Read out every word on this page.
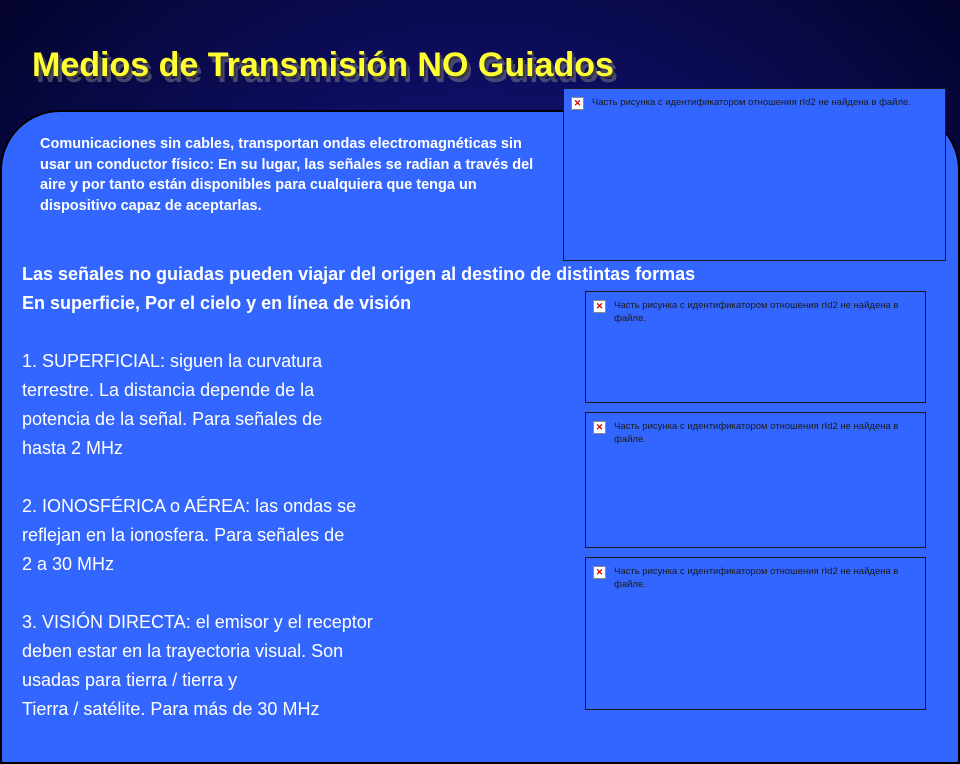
Medios de Transmisión NO Guiados

Comunicaciones sin cables, transportan ondas electromagnéticas sin usar un conductor físico: En su lugar, las señales se radian a través del aire y por tanto están disponibles para cualquiera que tenga un dispositivo capaz de aceptarlas.

✕ Часть рисунка с идентификатором отношения rId2 не найдена в файле.
Las señales no guiadas pueden viajar del origen al destino de distintas formas
En superficie, Por el cielo y en línea de visión
1. SUPERFICIAL: siguen la curvatura
terrestre. La distancia depende de la
potencia de la señal. Para señales de
hasta 2 MHz
2. IONOSFÉRICA o AÉREA: las ondas se
reflejan en la ionosfera. Para señales de
2 a 30 MHz
3. VISIÓN DIRECTA: el emisor y el receptor
deben estar en la trayectoria visual. Son
usadas para tierra / tierra y
Tierra / satélite. Para más de 30 MHz
✕ Часть рисунка с идентификатором отношения rId2 не найдена в файле.
✕ Часть рисунка с идентификатором отношения rId2 не найдена в файле.
✕ Часть рисунка с идентификатором отношения rId2 не найдена в файле.
